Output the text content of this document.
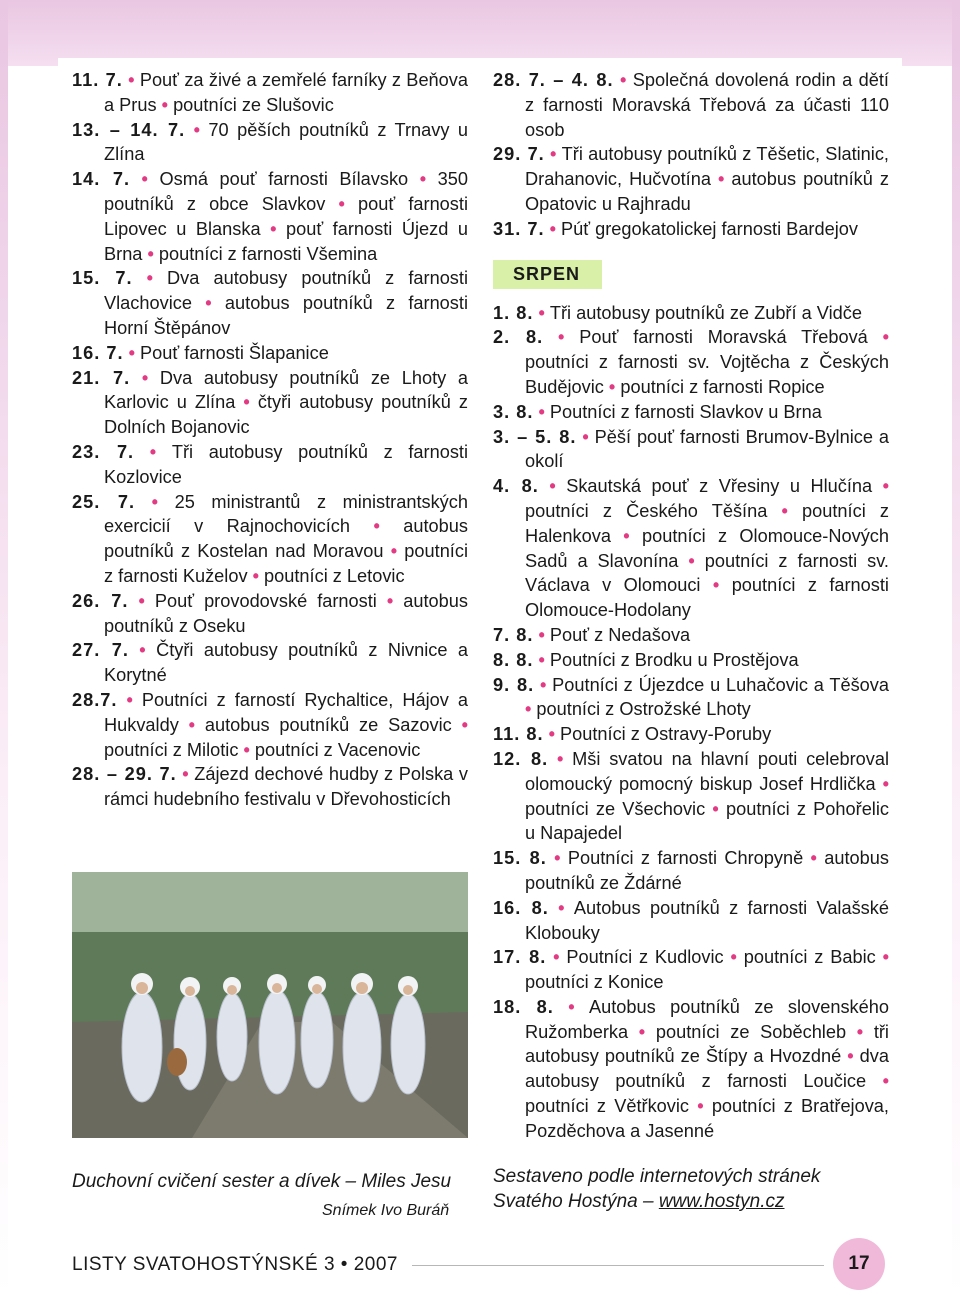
11. 7. • Pouť za živé a zemřelé farníky z Beňova a Prus • poutníci ze Slušovic
13. – 14. 7. • 70 pěších poutníků z Trnavy u Zlína
14. 7. • Osmá pouť farnosti Bílavsko • 350 poutníků z obce Slavkov • pouť farnosti Lipovec u Blanska • pouť farnosti Újezd u Brna • poutníci z farnosti Všemina
15. 7. • Dva autobusy poutníků z farnosti Vlachovice • autobus poutníků z farnosti Horní Štěpánov
16. 7. • Pouť farnosti Šlapanice
21. 7. • Dva autobusy poutníků ze Lhoty a Karlovic u Zlína • čtyři autobusy poutníků z Dolních Bojanovic
23. 7. • Tři autobusy poutníků z farnosti Kozlovice
25. 7. • 25 ministrantů z ministrantských exercicií v Rajnochovicích • autobus poutníků z Kostelan nad Moravou • poutníci z farnosti Kuželov • poutníci z Letovic
26. 7. • Pouť provodovské farnosti • autobus poutníků z Oseku
27. 7. • Čtyři autobusy poutníků z Nivnice a Korytné
28.7. • Poutníci z farností Rychaltice, Hájov a Hukvaldy • autobus poutníků ze Sazovic • poutníci z Milotic • poutníci z Vacenovic
28. – 29. 7. • Zájezd dechové hudby z Polska v rámci hudebního festivalu v Dřevohosticích
28. 7. – 4. 8. • Společná dovolená rodin a dětí z farnosti Moravská Třebová za účasti 110 osob
29. 7. • Tři autobusy poutníků z Těšetic, Slatinic, Drahanovic, Hučvotína • autobus poutníků z Opatovic u Rajhradu
31. 7. • Púť gregokatolickej farnosti Bardejov
SRPEN
1. 8. • Tři autobusy poutníků ze Zubří a Vidče
2. 8. • Pouť farnosti Moravská Třebová • poutníci z farnosti sv. Vojtěcha z Českých Budějovic • poutníci z farnosti Ropice
3. 8. • Poutníci z farnosti Slavkov u Brna
3. – 5. 8. • Pěší pouť farnosti Brumov-Bylnice a okolí
4. 8. • Skautská pouť z Vřesiny u Hlučína • poutníci z Českého Těšína • poutníci z Halenkova • poutníci z Olomouce-Nových Sadů a Slavonína • poutníci z farnosti sv. Václava v Olomouci • poutníci z farnosti Olomouce-Hodolany
7. 8. • Pouť z Nedašova
8. 8. • Poutníci z Brodku u Prostějova
9. 8. • Poutníci z Újezdce u Luhačovic a Těšova • poutníci z Ostrožské Lhoty
11. 8. • Poutníci z Ostravy-Poruby
12. 8. • Mši svatou na hlavní pouti celebroval olomoucký pomocný biskup Josef Hrdlička • poutníci ze Všechovic • poutníci z Pohořelic u Napajedel
15. 8. • Poutníci z farnosti Chropyně • autobus poutníků ze Ždárné
16. 8. • Autobus poutníků z farnosti Valašské Klobouky
17. 8. • Poutníci z Kudlovic • poutníci z Babic • poutníci z Konice
18. 8. • Autobus poutníků ze slovenského Ružomberka • poutníci ze Soběchleb • tři autobusy poutníků ze Štípy a Hvozdné • dva autobusy poutníků z farnosti Loučice • poutníci z Větřkovic • poutníci z Bratřejova, Pozděchova a Jasenné
Duchovní cvičení sester a dívek – Miles Jesu
Snímek Ivo Buráň
Sestaveno podle internetových stránek Svatého Hostýna – www.hostyn.cz
LISTY SVATOHOSTÝNSKÉ 3 • 2007	17
